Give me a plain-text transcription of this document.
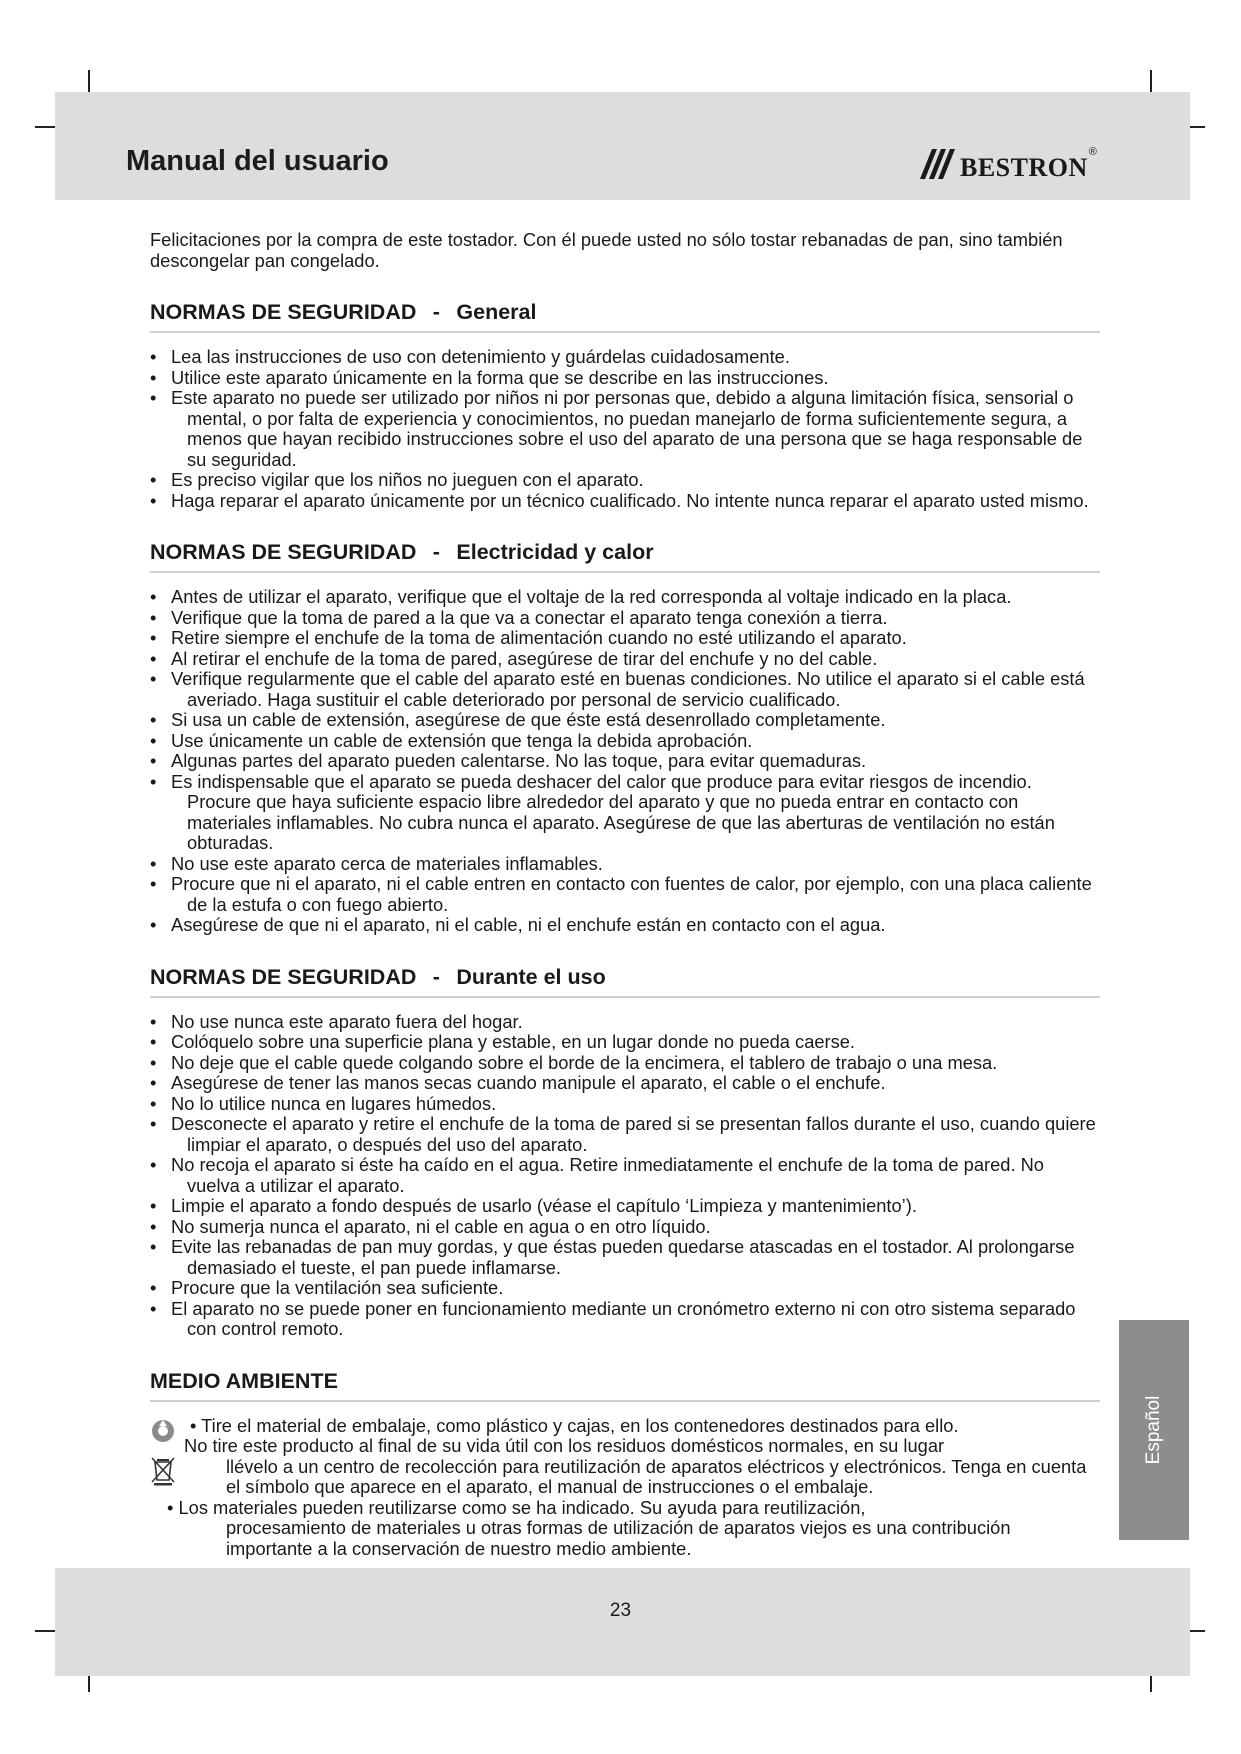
Manual del usuario	bestron ®

Felicitaciones por la compra de este tostador. Con él puede usted no sólo tostar rebanadas de pan, sino también descongelar pan congelado.

NORMAS DE SEGURIDAD - General
• Lea las instrucciones de uso con detenimiento y guárdelas cuidadosamente.
• Utilice este aparato únicamente en la forma que se describe en las instrucciones.
• Este aparato no puede ser utilizado por niños ni por personas que, debido a alguna limitación física, sensorial o mental, o por falta de experiencia y conocimientos, no puedan manejarlo de forma suficientemente segura, a menos que hayan recibido instrucciones sobre el uso del aparato de una persona que se haga responsable de su seguridad.
• Es preciso vigilar que los niños no jueguen con el aparato.
• Haga reparar el aparato únicamente por un técnico cualificado. No intente nunca reparar el aparato usted mismo.
NORMAS DE SEGURIDAD - Electricidad y calor
• Antes de utilizar el aparato, verifique que el voltaje de la red corresponda al voltaje indicado en la placa.
• Verifique que la toma de pared a la que va a conectar el aparato tenga conexión a tierra.
• Retire siempre el enchufe de la toma de alimentación cuando no esté utilizando el aparato.
• Al retirar el enchufe de la toma de pared, asegúrese de tirar del enchufe y no del cable.
• Verifique regularmente que el cable del aparato esté en buenas condiciones. No utilice el aparato si el cable está averiado. Haga sustituir el cable deteriorado por personal de servicio cualificado.
• Si usa un cable de extensión, asegúrese de que éste está desenrollado completamente.
• Use únicamente un cable de extensión que tenga la debida aprobación.
• Algunas partes del aparato pueden calentarse. No las toque, para evitar quemaduras.
• Es indispensable que el aparato se pueda deshacer del calor que produce para evitar riesgos de incendio. Procure que haya suficiente espacio libre alrededor del aparato y que no pueda entrar en contacto con materiales inflamables. No cubra nunca el aparato. Asegúrese de que las aberturas de ventilación no están obturadas.
• No use este aparato cerca de materiales inflamables.
• Procure que ni el aparato, ni el cable entren en contacto con fuentes de calor, por ejemplo, con una placa caliente de la estufa o con fuego abierto.
• Asegúrese de que ni el aparato, ni el cable, ni el enchufe están en contacto con el agua.
NORMAS DE SEGURIDAD - Durante el uso
• No use nunca este aparato fuera del hogar.
• Colóquelo sobre una superficie plana y estable, en un lugar donde no pueda caerse.
• No deje que el cable quede colgando sobre el borde de la encimera, el tablero de trabajo o una mesa.
• Asegúrese de tener las manos secas cuando manipule el aparato, el cable o el enchufe.
• No lo utilice nunca en lugares húmedos.
• Desconecte el aparato y retire el enchufe de la toma de pared si se presentan fallos durante el uso, cuando quiere limpiar el aparato, o después del uso del aparato.
• No recoja el aparato si éste ha caído en el agua. Retire inmediatamente el enchufe de la toma de pared. No vuelva a utilizar el aparato.
• Limpie el aparato a fondo después de usarlo (véase el capítulo ‘Limpieza y mantenimiento’).
• No sumerja nunca el aparato, ni el cable en agua o en otro líquido.
• Evite las rebanadas de pan muy gordas, y que éstas pueden quedarse atascadas en el tostador. Al prolongarse demasiado el tueste, el pan puede inflamarse.
• Procure que la ventilación sea suficiente.
• El aparato no se puede poner en funcionamiento mediante un cronómetro externo ni con otro sistema separado con control remoto.
MEDIO AMBIENTE

• Tire el material de embalaje, como plástico y cajas, en los contenedores destinados para ello.
No tire este producto al final de su vida útil con los residuos domésticos normales, en su lugar
llévelo a un centro de recolección para reutilización de aparatos eléctricos y electrónicos. Tenga en cuenta el símbolo que aparece en el aparato, el manual de instrucciones o el embalaje.
• Los materiales pueden reutilizarse como se ha indicado. Su ayuda para reutilización,
procesamiento de materiales u otras formas de utilización de aparatos viejos es una contribución importante a la conservación de nuestro medio ambiente.
Español
23
